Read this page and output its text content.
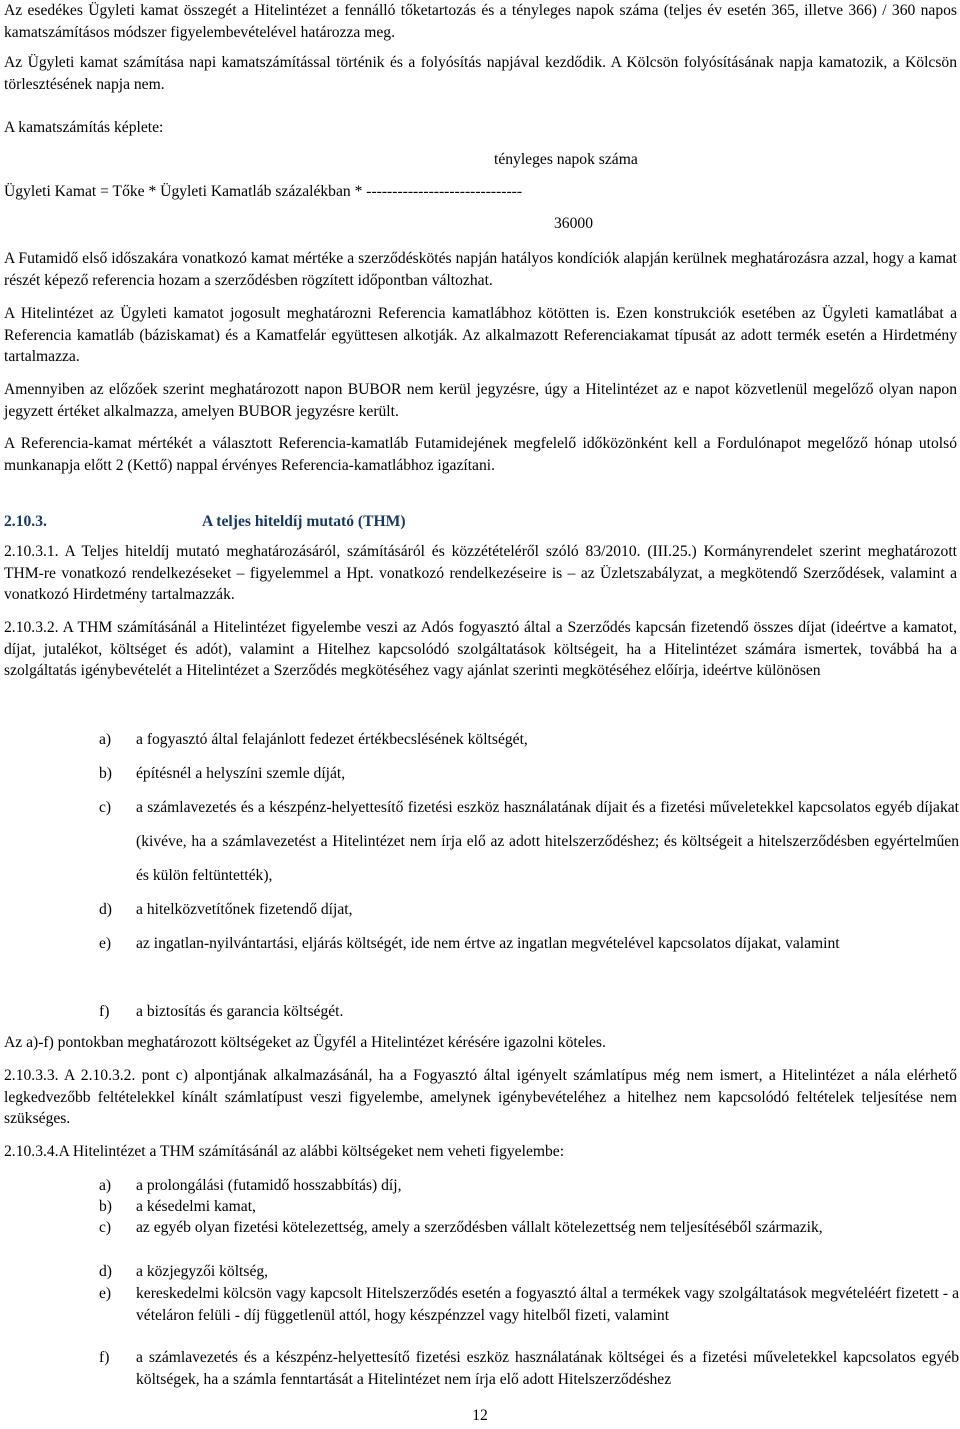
Az esedékes Ügyleti kamat összegét a Hitelintézet a fennálló tőketartozás és a tényleges napok száma (teljes év esetén 365, illetve 366) / 360 napos kamatszámításos módszer figyelembevételével határozza meg.

Az Ügyleti kamat számítása napi kamatszámítással történik és a folyósítás napjával kezdődik. A Kölcsön folyósításának napja kamatozik, a Kölcsön törlesztésének napja nem.

A kamatszámítás képlete:

tényleges napok száma

Ügyleti Kamat = Tőke * Ügyleti Kamatláb százalékban * ------------------------------

36000

A Futamidő első időszakára vonatkozó kamat mértéke a szerződéskötés napján hatályos kondíciók alapján kerülnek meghatározásra azzal, hogy a kamat részét képező referencia hozam a szerződésben rögzített időpontban változhat.

A Hitelintézet az Ügyleti kamatot jogosult meghatározni Referencia kamatlábhoz kötötten is. Ezen konstrukciók esetében az Ügyleti kamatlábat a Referencia kamatláb (báziskamat) és a Kamatfelár együttesen alkotják. Az alkalmazott Referenciakamat típusát az adott termék esetén a Hirdetmény tartalmazza.

Amennyiben az előzőek szerint meghatározott napon BUBOR nem kerül jegyzésre, úgy a Hitelintézet az e napot közvetlenül megelőző olyan napon jegyzett értéket alkalmazza, amelyen BUBOR jegyzésre került.

A Referencia-kamat mértékét a választott Referencia-kamatláb Futamidejének megfelelő időközönként kell a Fordulónapot megelőző hónap utolsó munkanapja előtt 2 (Kettő) nappal érvényes Referencia-kamatlábhoz igazítani.

2.10.3.	A teljes hiteldíj mutató (THM)

2.10.3.1. A Teljes hiteldíj mutató meghatározásáról, számításáról és közzétételéről szóló 83/2010. (III.25.) Kormányrendelet szerint meghatározott THM-re vonatkozó rendelkezéseket – figyelemmel a Hpt. vonatkozó rendelkezéseire is – az Üzletszabályzat, a megkötendő Szerződések, valamint a vonatkozó Hirdetmény tartalmazzák.

2.10.3.2. A THM számításánál a Hitelintézet figyelembe veszi az Adós fogyasztó által a Szerződés kapcsán fizetendő összes díjat (ideértve a kamatot, díjat, jutalékot, költséget és adót), valamint a Hitelhez kapcsolódó szolgáltatások költségeit, ha a Hitelintézet számára ismertek, továbbá ha a szolgáltatás igénybevételét a Hitelintézet a Szerződés megkötéséhez vagy ajánlat szerinti megkötéséhez előírja, ideértve különösen

a)	a fogyasztó által felajánlott fedezet értékbecslésének költségét,
b)	építésnél a helyszíni szemle díját,
c)	a számlavezetés és a készpénz-helyettesítő fizetési eszköz használatának díjait és a fizetési műveletekkel kapcsolatos egyéb díjakat (kivéve, ha a számlavezetést a Hitelintézet nem írja elő az adott hitelszerződéshez; és költségeit a hitelszerződésben egyértelműen és külön feltüntették),
d)	a hitelközvetítőnek fizetendő díjat,
e)	az ingatlan-nyilvántartási, eljárás költségét, ide nem értve az ingatlan megvételével kapcsolatos díjakat, valamint
f)	a biztosítás és garancia költségét.

Az a)-f) pontokban meghatározott költségeket az Ügyfél a Hitelintézet kérésére igazolni köteles.

2.10.3.3. A 2.10.3.2. pont c) alpontjának alkalmazásánál, ha a Fogyasztó által igényelt számlatípus még nem ismert, a Hitelintézet a nála elérhető legkedvezőbb feltételekkel kínált számlatípust veszi figyelembe, amelynek igénybevételéhez a hitelhez nem kapcsolódó feltételek teljesítése nem szükséges.

2.10.3.4.A Hitelintézet a THM számításánál az alábbi költségeket nem veheti figyelembe:

a)	a prolongálási (futamidő hosszabbítás) díj,
b)	a késedelmi kamat,
c)	az egyéb olyan fizetési kötelezettség, amely a szerződésben vállalt kötelezettség nem teljesítéséből származik,
d)	a közjegyzői költség,
e)	kereskedelmi kölcsön vagy kapcsolt Hitelszerződés esetén a fogyasztó által a termékek vagy szolgáltatások megvételéért fizetett - a vételáron felüli - díj függetlenül attól, hogy készpénzzel vagy hitelből fizeti, valamint
f)	a számlavezetés és a készpénz-helyettesítő fizetési eszköz használatának költségei és a fizetési műveletekkel kapcsolatos egyéb költségek, ha a számla fenntartását a Hitelintézet nem írja elő adott Hitelszerződéshez
12
